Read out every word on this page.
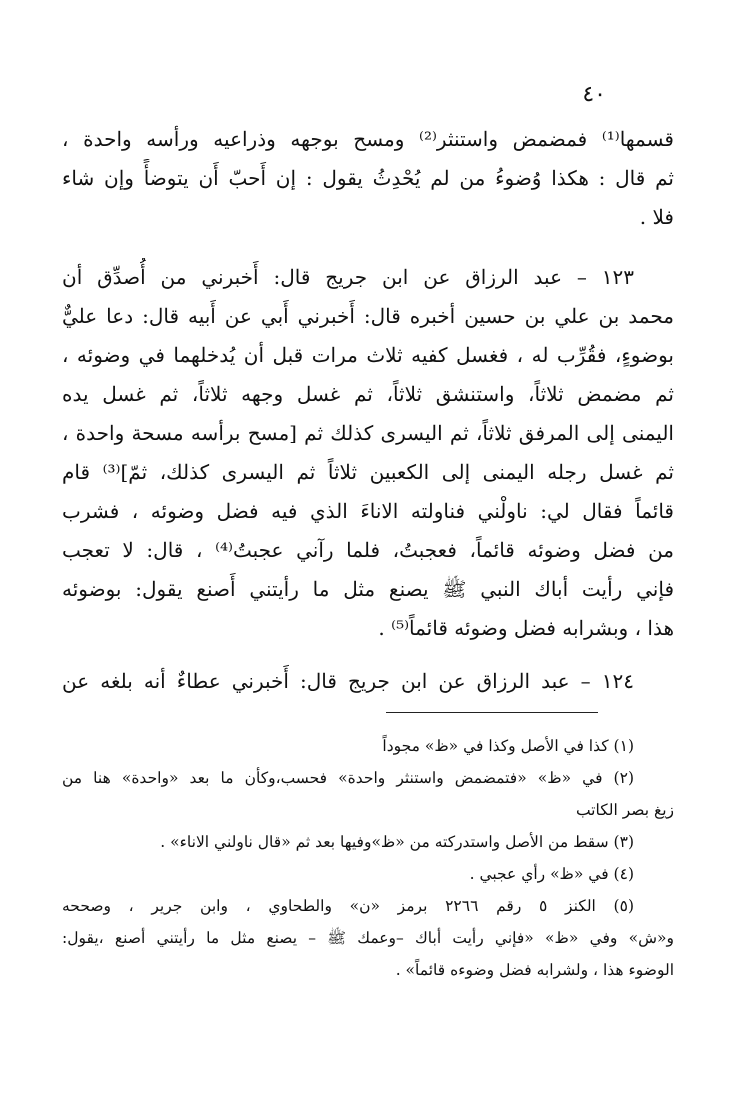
٤٠
قسمها⁽¹⁾ فمضمض واستنثر⁽²⁾ ومسح بوجهه وذراعيه ورأسه واحدة ،
ثم قال : هكذا وُضوءُ من لم يُحْدِثُ يقول : إن أَحبّ أَن يتوضأً وإن شاء
فلا .
١٢٣ – عبد الرزاق عن ابن جريج قال: أَخبرني من أُصدِّق أن
محمد بن علي بن حسين أخبره قال: أَخبرني أَبي عن أَبيه قال: دعا عليٌّ
بوضوءٍ، فقُرِّب له ، فغسل كفيه ثلاث مرات قبل أن يُدخلهما في وضوئه ،
ثم مضمض ثلاثاً، واستنشق ثلاثاً، ثم غسل وجهه ثلاثاً، ثم غسل يده
اليمنى إلى المرفق ثلاثاً، ثم اليسرى كذلك ثم [مسح برأسه مسحة واحدة ،
ثم غسل رجله اليمنى إلى الكعبين ثلاثاً ثم اليسرى كذلك، ثمّ]⁽³⁾ قام
قائماً فقال لي: ناولْني فناولته الاناءَ الذي فيه فضل وضوئه ، فشرب
من فضل وضوئه قائماً، فعجبتُ، فلما رآني عجبتُ⁽⁴⁾ ، قال: لا تعجب
فإني رأيت أباك النبي ﷺ يصنع مثل ما رأيتني أَصنع يقول: بوضوئه
هذا ، وبشرابه فضل وضوئه قائماً⁽⁵⁾ .
١٢٤ – عبد الرزاق عن ابن جريج قال: أَخبرني عطاءٌ أنه بلغه عن
(١) كذا في الأصل وكذا في «ظ» مجوداً
(٢) في «ظ» «فتمضمض واستنثر واحدة» فحسب،وكأن ما بعد «واحدة» هنا من
زيغ بصر الكاتب
(٣) سقط من الأصل واستدركته من «ظ»وفيها بعد ثم «قال ناولني الاناء» .
(٤) في «ظ» رأي عجبي .
(٥) الكنز ٥ رقم ٢٢٦٦ برمز «ن» والطحاوي ، وابن جرير ، وصححه
و«ش» وفي «ظ» «فإني رأيت أباك –وعمك ﷺ – يصنع مثل ما رأيتني أصنع ،يقول:
الوضوء هذا ، ولشرابه فضل وضوءه قائماً» .
